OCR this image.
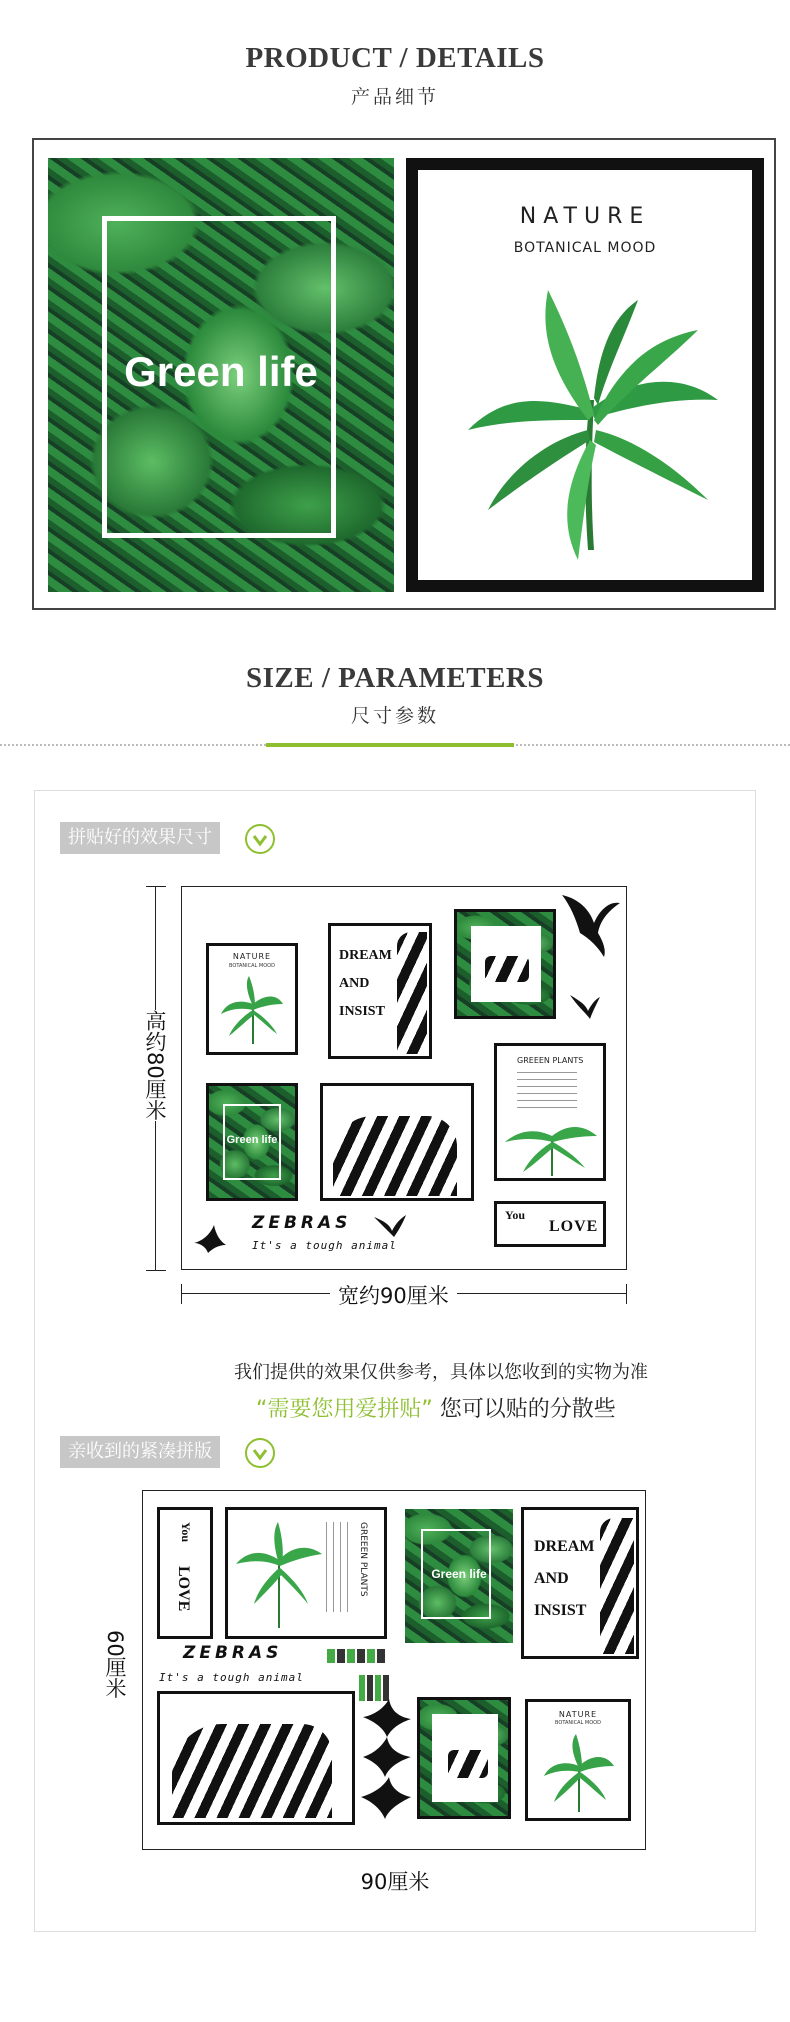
PRODUCT / DETAILS
产品细节
Green life
NATURE
BOTANICAL MOOD
SIZE / PARAMETERS
尺寸参数
拼贴好的效果尺寸
高约80厘米
NATURE
BOTANICAL MOOD
DREAM
AND
INSIST
Green life
GREEEN PLANTS
You
LOVE
ZEBRAS
It's a tough animal
宽约90厘米
我们提供的效果仅供参考，具体以您收到的实物为准
“需要您用爱拼贴” 您可以贴的分散些
亲收到的紧凑拼版
60厘米
You
LOVE	GREEEN PLANTS	Green life
DREAM
AND
INSIST
ZEBRAS
It's a tough animal
NATURE
BOTANICAL MOOD
90厘米
